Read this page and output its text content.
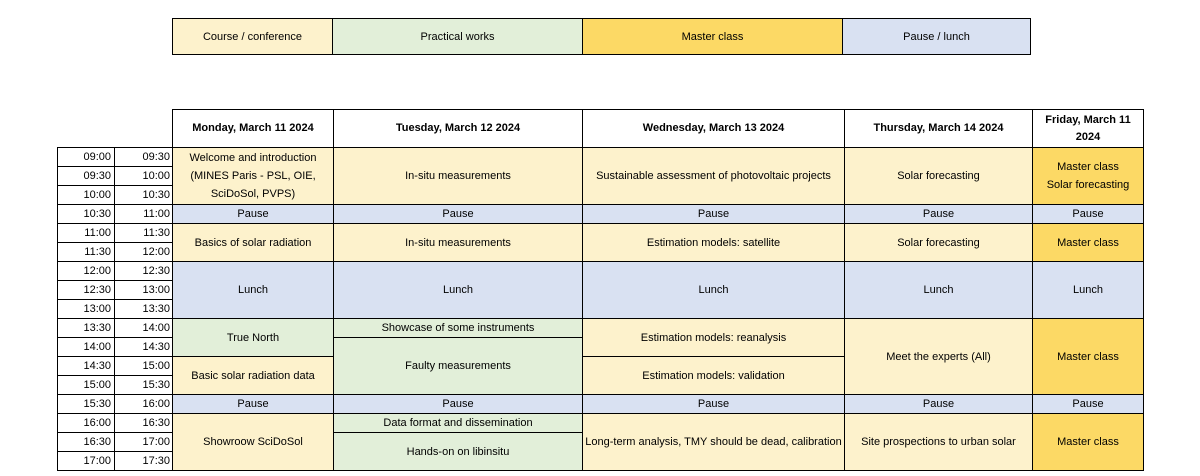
Course / conference	Practical works	Master class	Pause / lunch
		Monday, March 11 2024	Tuesday, March 12 2024	Wednesday, March 13 2024	Thursday, March 14 2024	Friday, March 11 2024
09:00	09:30	Welcome and introduction (MINES Paris - PSL, OIE, SciDoSol, PVPS)	In-situ measurements	Sustainable assessment of photovoltaic projects	Solar forecasting	Master class
Solar forecasting

09:30	10:00					
10:00	10:30					
10:30	11:00	Pause	Pause	Pause	Pause	Pause
11:00	11:30	Basics of solar radiation	In-situ measurements	Estimation models: satellite	Solar forecasting	Master class
11:30	12:00					
12:00	12:30	Lunch	Lunch	Lunch	Lunch	Lunch
12:30	13:00					
13:00	13:30					
13:30	14:00	True North	Showcase of some instruments	Estimation models: reanalysis	Meet the experts (All)	Master class
14:00	14:30		Faulty measurements			
14:30	15:00	Basic solar radiation data		Estimation models: validation		
15:00	15:30					
15:30	16:00	Pause	Pause	Pause	Pause	Pause
16:00	16:30	Showroow SciDoSol	Data format and dissemination	Long-term analysis, TMY should be dead, calibration	Site prospections to urban solar	Master class
16:30	17:00		Hands-on on libinsitu			
17:00	17:30					
